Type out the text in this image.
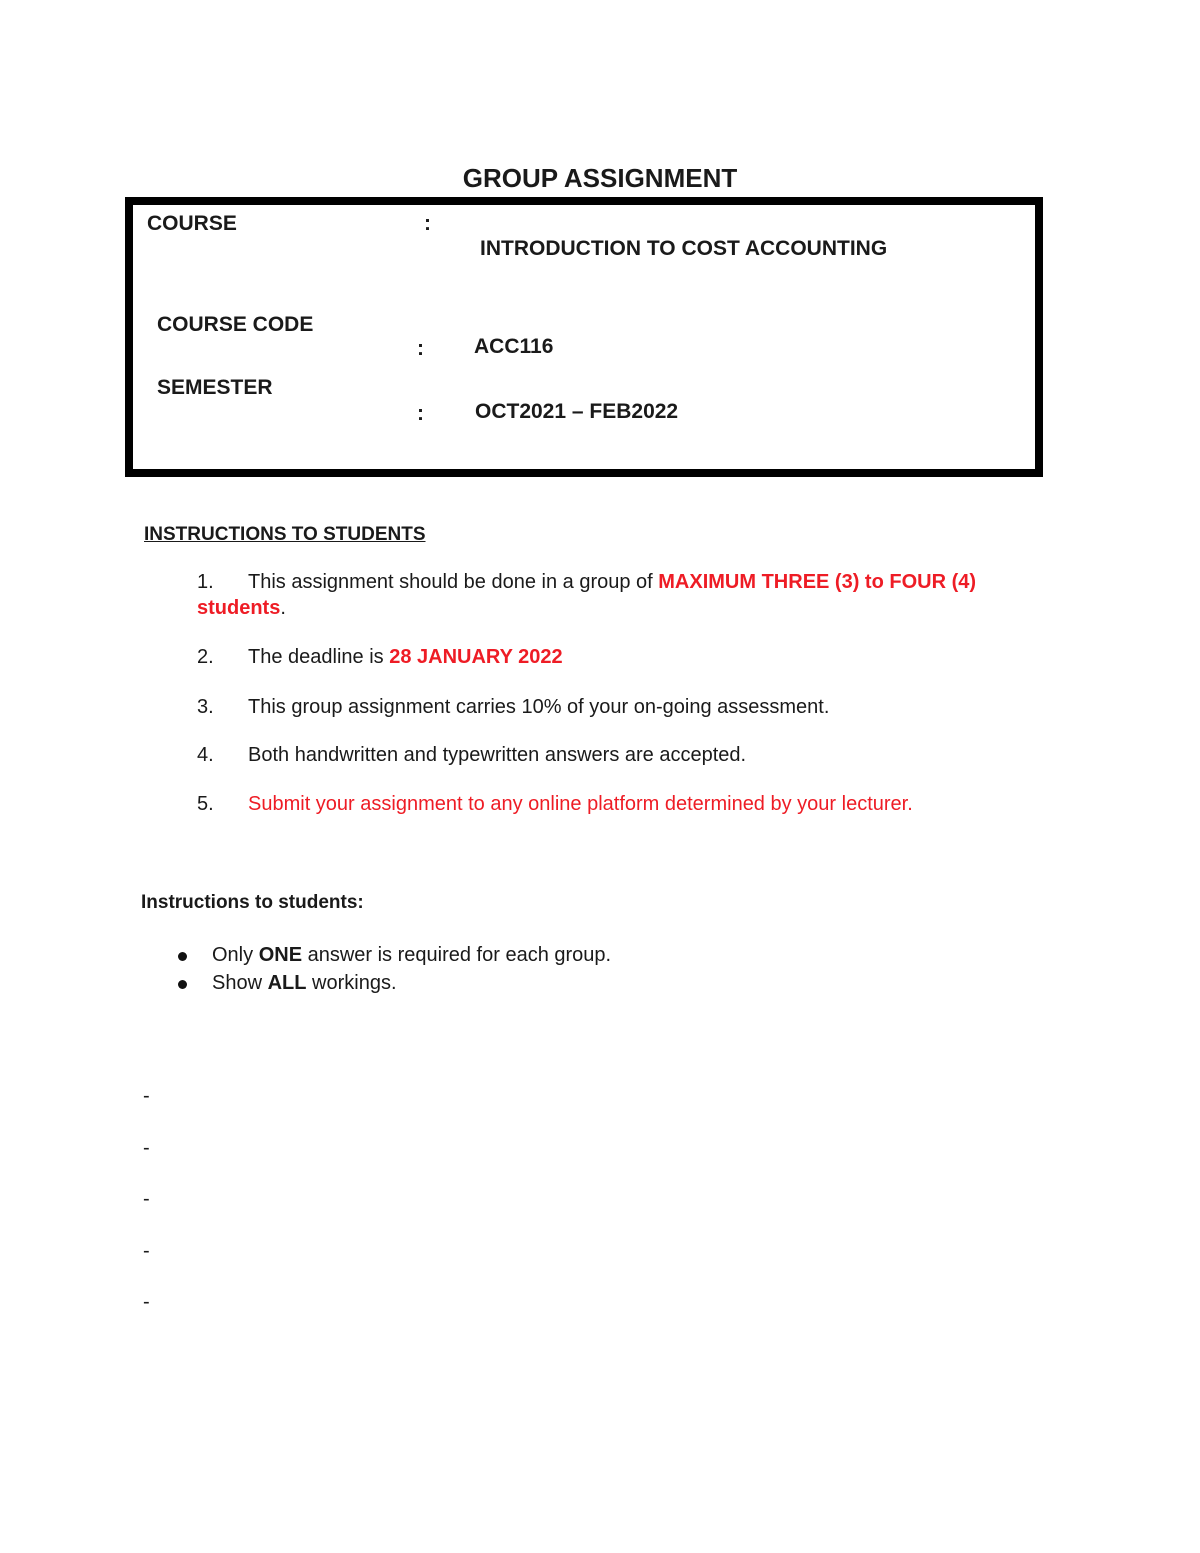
GROUP ASSIGNMENT
COURSE	:
INTRODUCTION TO COST ACCOUNTING
COURSE CODE
: ACC116
SEMESTER
: OCT2021 – FEB2022
INSTRUCTIONS TO STUDENTS
1. This assignment should be done in a group of MAXIMUM THREE (3) to FOUR (4)
students.
2. The deadline is 28 JANUARY 2022
3. This group assignment carries 10% of your on-going assessment.
4. Both handwritten and typewritten answers are accepted.
5. Submit your assignment to any online platform determined by your lecturer.
Instructions to students:
Only ONE answer is required for each group.
Show ALL workings.
-
-
-
-
-
